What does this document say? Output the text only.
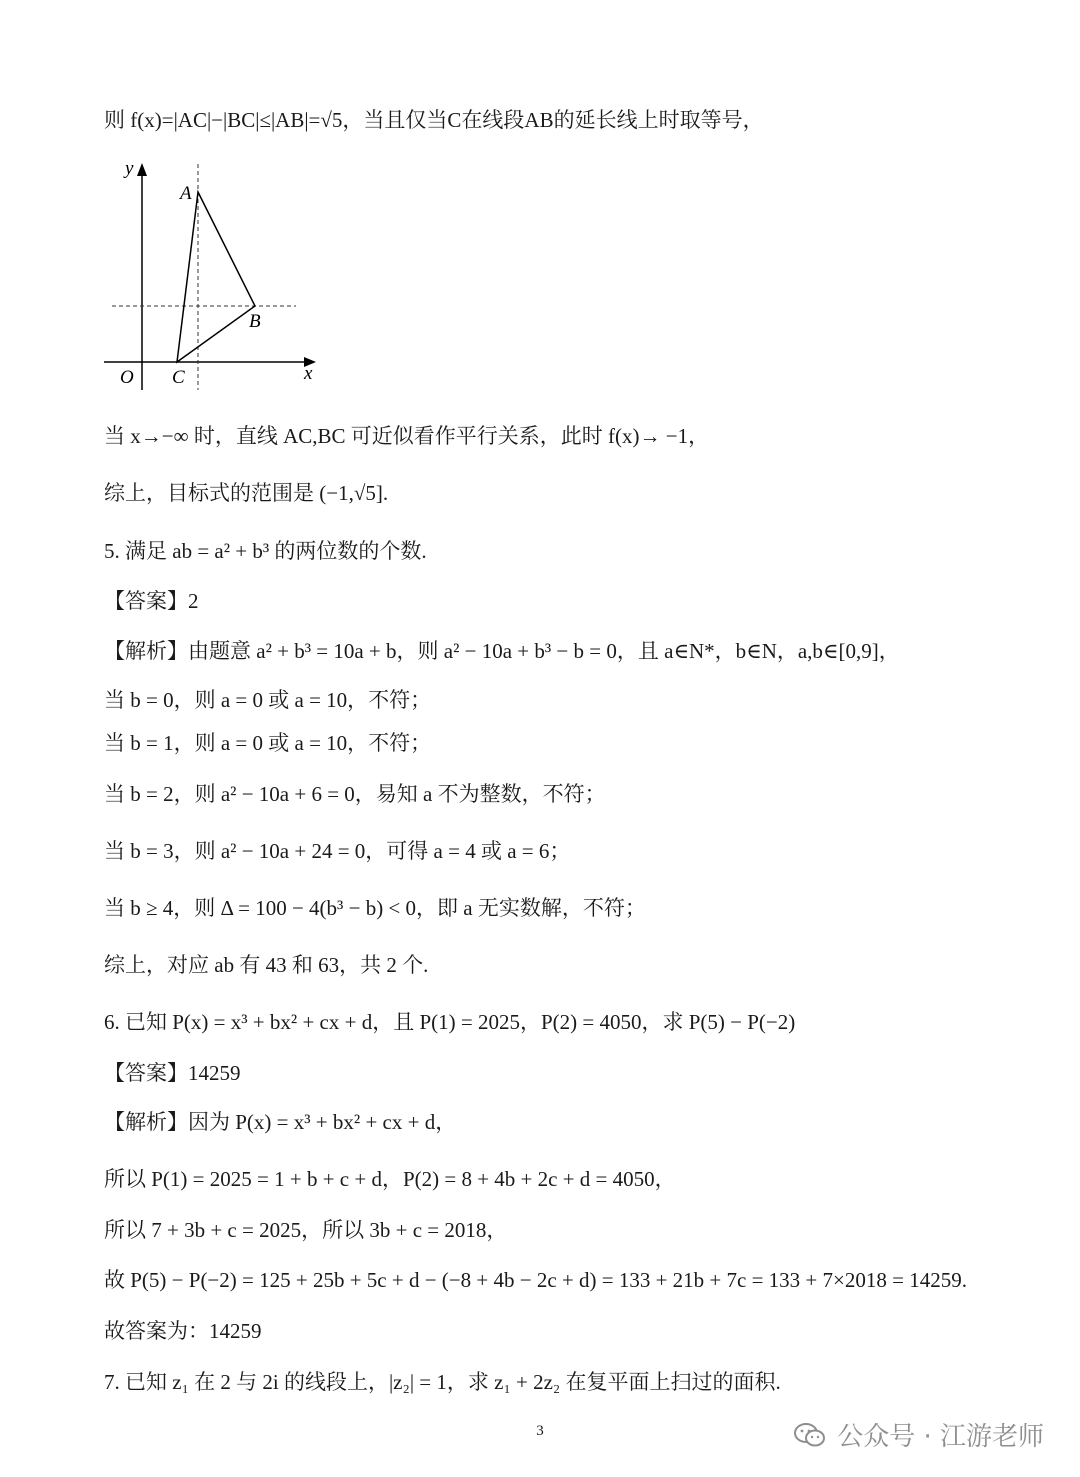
则 f(x)=|AC|−|BC|≤|AB|=√5，当且仅当C在线段AB的延长线上时取等号，
y
A
B
O C	x
当 x→−∞ 时，直线 AC,BC 可近似看作平行关系，此时 f(x)→ −1，
综上，目标式的范围是 (−1,√5].
5. 满足 ab = a² + b³ 的两位数的个数.
【答案】2
【解析】由题意 a² + b³ = 10a + b，则 a² − 10a + b³ − b = 0，且 a∈N*，b∈N，a,b∈[0,9]，
当 b = 0，则 a = 0 或 a = 10，不符；
当 b = 1，则 a = 0 或 a = 10，不符；
当 b = 2，则 a² − 10a + 6 = 0，易知 a 不为整数，不符；
当 b = 3，则 a² − 10a + 24 = 0，可得 a = 4 或 a = 6；
当 b ≥ 4，则 Δ = 100 − 4(b³ − b) < 0，即 a 无实数解，不符；
综上，对应 ab 有 43 和 63，共 2 个.
6. 已知 P(x) = x³ + bx² + cx + d，且 P(1) = 2025，P(2) = 4050，求 P(5) − P(−2)
【答案】14259
【解析】因为 P(x) = x³ + bx² + cx + d，
所以 P(1) = 2025 = 1 + b + c + d，P(2) = 8 + 4b + 2c + d = 4050，
所以 7 + 3b + c = 2025，所以 3b + c = 2018，
故 P(5) − P(−2) = 125 + 25b + 5c + d − (−8 + 4b − 2c + d) = 133 + 21b + 7c = 133 + 7×2018 = 14259.
故答案为：14259
7. 已知 z₁ 在 2 与 2i 的线段上，|z₂| = 1，求 z₁ + 2z₂ 在复平面上扫过的面积.
3	公众号 · 江游老师
